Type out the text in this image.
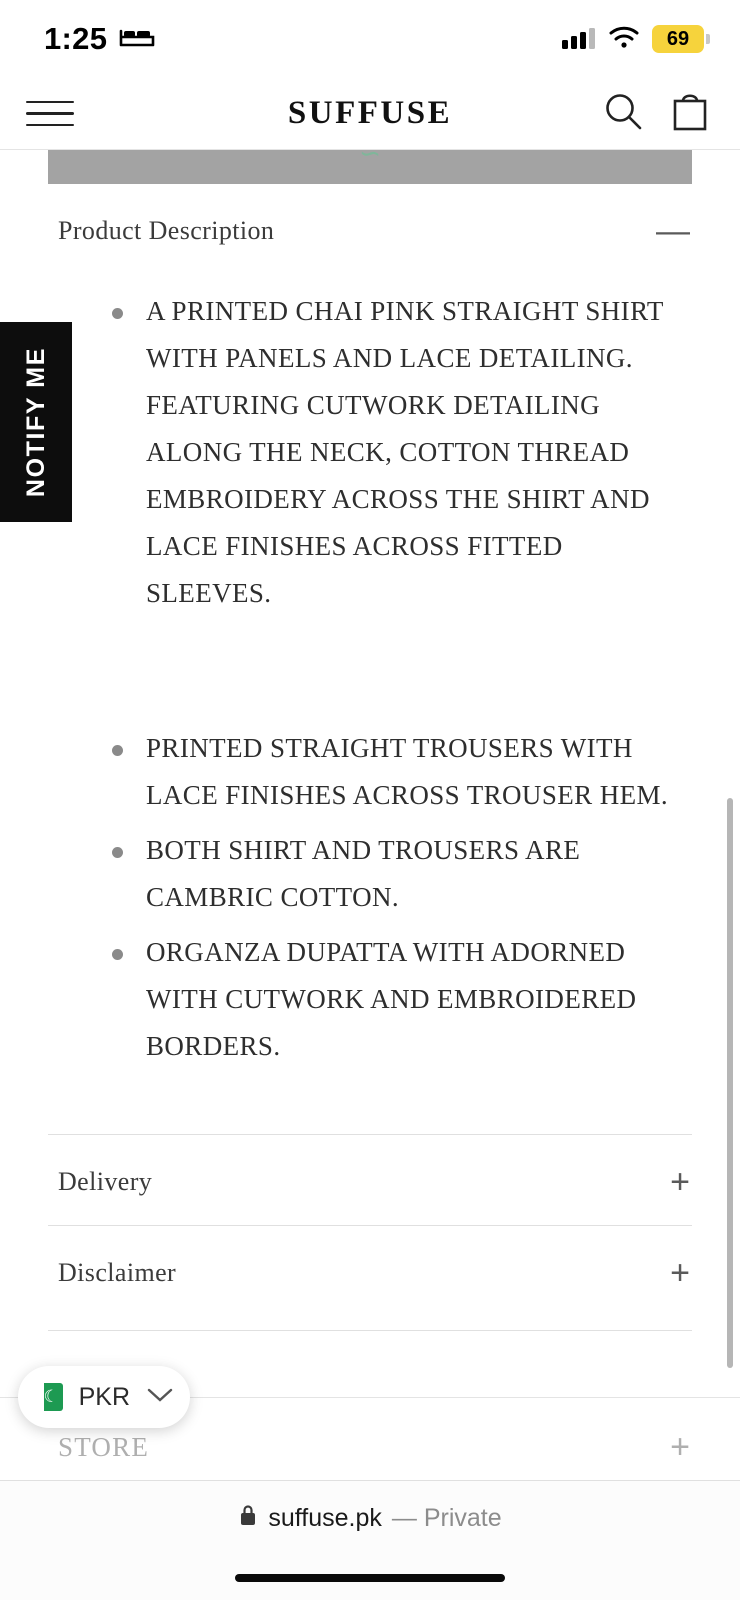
1:25	69
SUFFUSE
∽
Product Description	—
A PRINTED CHAI PINK STRAIGHT SHIRT WITH PANELS AND LACE DETAILING. FEATURING CUTWORK DETAILING ALONG THE NECK, COTTON THREAD EMBROIDERY ACROSS THE SHIRT AND LACE FINISHES ACROSS FITTED SLEEVES.
PRINTED STRAIGHT TROUSERS WITH LACE FINISHES ACROSS TROUSER HEM.
BOTH SHIRT AND TROUSERS ARE CAMBRIC COTTON.
ORGANZA DUPATTA WITH ADORNED WITH CUTWORK AND EMBROIDERED BORDERS.
Delivery	+
Disclaimer	+
STORE	+
NOTIFY ME
☾ PKR
suffuse.pk — Private
